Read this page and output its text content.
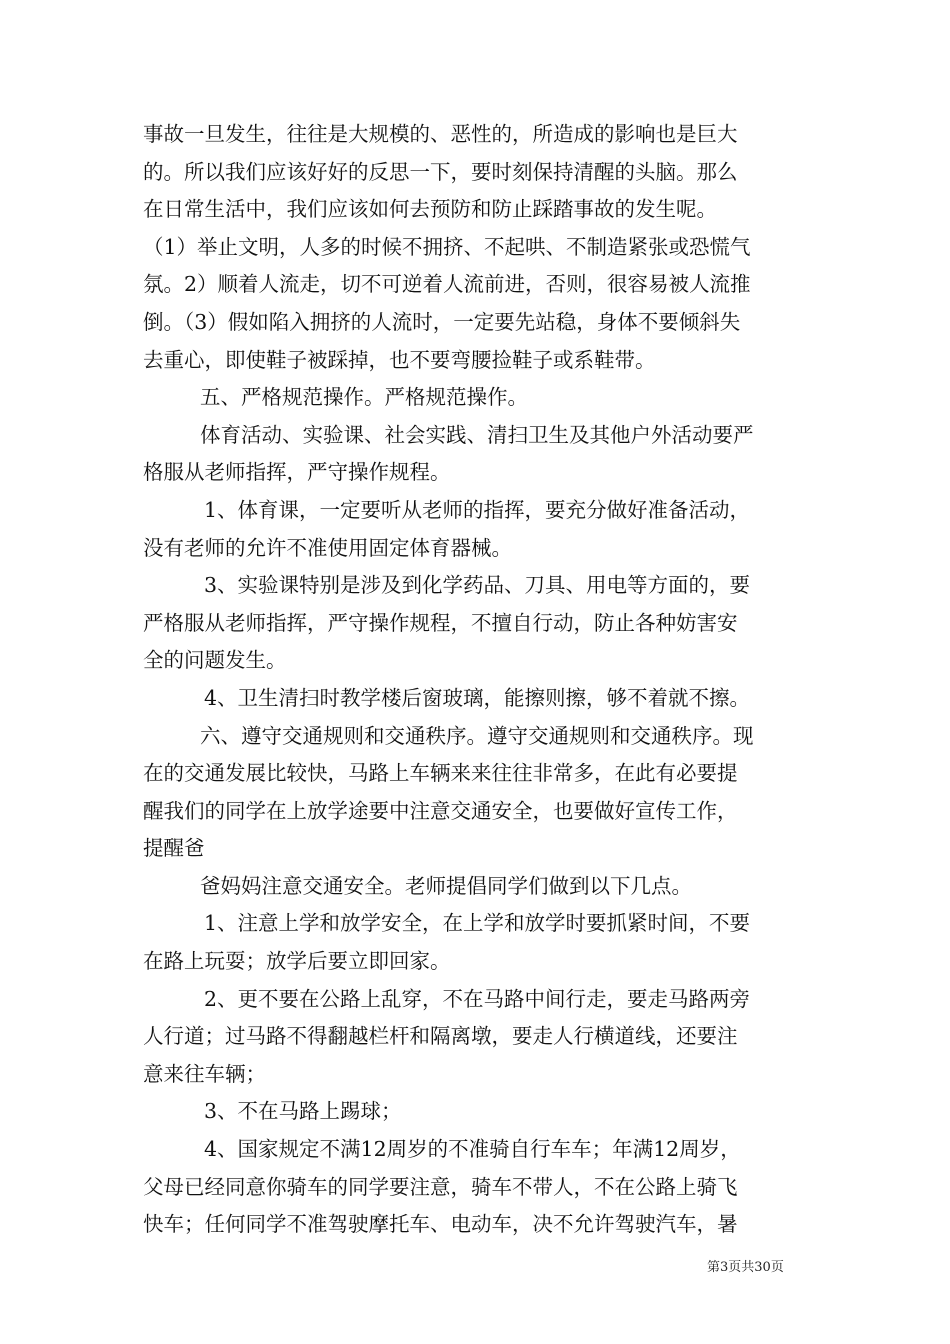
事故一旦发生，往往是大规模的、恶性的，所造成的影响也是巨大
的。所以我们应该好好的反思一下，要时刻保持清醒的头脑。那么
在日常生活中，我们应该如何去预防和防止踩踏事故的发生呢。
（1）举止文明，人多的时候不拥挤、不起哄、不制造紧张或恐慌气
氛。2）顺着人流走，切不可逆着人流前进，否则，很容易被人流推
倒。（3）假如陷入拥挤的人流时，一定要先站稳，身体不要倾斜失
去重心，即使鞋子被踩掉，也不要弯腰捡鞋子或系鞋带。
五、严格规范操作。严格规范操作。
体育活动、实验课、社会实践、清扫卫生及其他户外活动要严
格服从老师指挥，严守操作规程。
1、体育课，一定要听从老师的指挥，要充分做好准备活动，
没有老师的允许不准使用固定体育器械。
3、实验课特别是涉及到化学药品、刀具、用电等方面的，要
严格服从老师指挥，严守操作规程，不擅自行动，防止各种妨害安
全的问题发生。
4、卫生清扫时教学楼后窗玻璃，能擦则擦，够不着就不擦。
六、遵守交通规则和交通秩序。遵守交通规则和交通秩序。现
在的交通发展比较快，马路上车辆来来往往非常多，在此有必要提
醒我们的同学在上放学途要中注意交通安全，也要做好宣传工作，
提醒爸
爸妈妈注意交通安全。老师提倡同学们做到以下几点。
1、注意上学和放学安全，在上学和放学时要抓紧时间，不要
在路上玩耍；放学后要立即回家。
2、更不要在公路上乱穿，不在马路中间行走，要走马路两旁
人行道；过马路不得翻越栏杆和隔离墩，要走人行横道线，还要注
意来往车辆；
3、不在马路上踢球；
4、国家规定不满12周岁的不准骑自行车车；年满12周岁，
父母已经同意你骑车的同学要注意，骑车不带人，不在公路上骑飞
快车；任何同学不准驾驶摩托车、电动车，决不允许驾驶汽车，暑
第3页共30页
